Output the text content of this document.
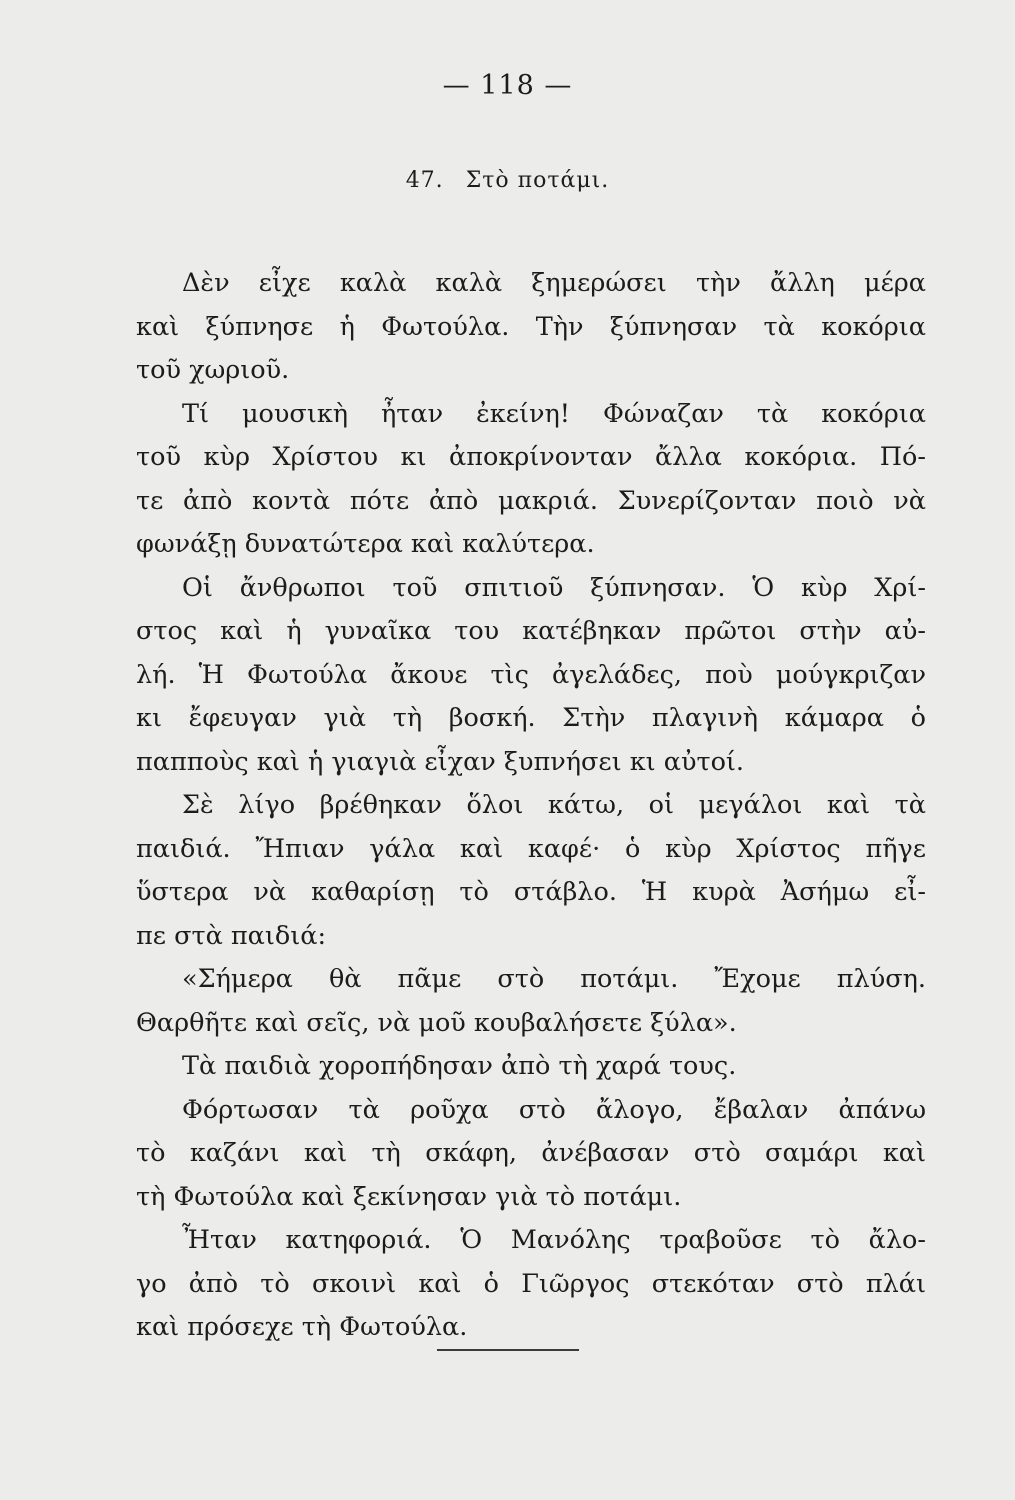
— 118 —
47. Στὸ ποτάμι.
Δὲν εἶχε καλὰ καλὰ ξημερώσει τὴν ἄλλη μέρα
καὶ ξύπνησε ἡ Φωτούλα. Τὴν ξύπνησαν τὰ κοκόρια
τοῦ χωριοῦ.
Τί μουσικὴ ἦταν ἐκείνη! Φώναζαν τὰ κοκόρια
τοῦ κὺρ Χρίστου κι ἀποκρίνονταν ἄλλα κοκόρια. Πό-
τε ἀπὸ κοντὰ πότε ἀπὸ μακριά. Συνερίζονταν ποιὸ νὰ
φωνάξῃ δυνατώτερα καὶ καλύτερα.
Οἱ ἄνθρωποι τοῦ σπιτιοῦ ξύπνησαν. Ὁ κὺρ Χρί-
στος καὶ ἡ γυναῖκα του κατέβηκαν πρῶτοι στὴν αὐ-
λή. Ἡ Φωτούλα ἄκουε τὶς ἀγελάδες, ποὺ μούγκριζαν
κι ἔφευγαν γιὰ τὴ βοσκή. Στὴν πλαγινὴ κάμαρα ὁ
παπποὺς καὶ ἡ γιαγιὰ εἶχαν ξυπνήσει κι αὐτοί.
Σὲ λίγο βρέθηκαν ὅλοι κάτω, οἱ μεγάλοι καὶ τὰ
παιδιά. Ἤπιαν γάλα καὶ καφέ· ὁ κὺρ Χρίστος πῆγε
ὕστερα νὰ καθαρίσῃ τὸ στάβλο. Ἡ κυρὰ Ἀσήμω εἶ-
πε στὰ παιδιά:
«Σήμερα θὰ πᾶμε στὸ ποτάμι. Ἔχομε πλύση.
Θαρθῆτε καὶ σεῖς, νὰ μοῦ κουβαλήσετε ξύλα».
Τὰ παιδιὰ χοροπήδησαν ἀπὸ τὴ χαρά τους.
Φόρτωσαν τὰ ροῦχα στὸ ἄλογο, ἔβαλαν ἀπάνω
τὸ καζάνι καὶ τὴ σκάφη, ἀνέβασαν στὸ σαμάρι καὶ
τὴ Φωτούλα καὶ ξεκίνησαν γιὰ τὸ ποτάμι.
Ἦταν κατηφοριά. Ὁ Μανόλης τραβοῦσε τὸ ἄλο-
γο ἀπὸ τὸ σκοινὶ καὶ ὁ Γιῶργος στεκόταν στὸ πλάι
καὶ πρόσεχε τὴ Φωτούλα.
